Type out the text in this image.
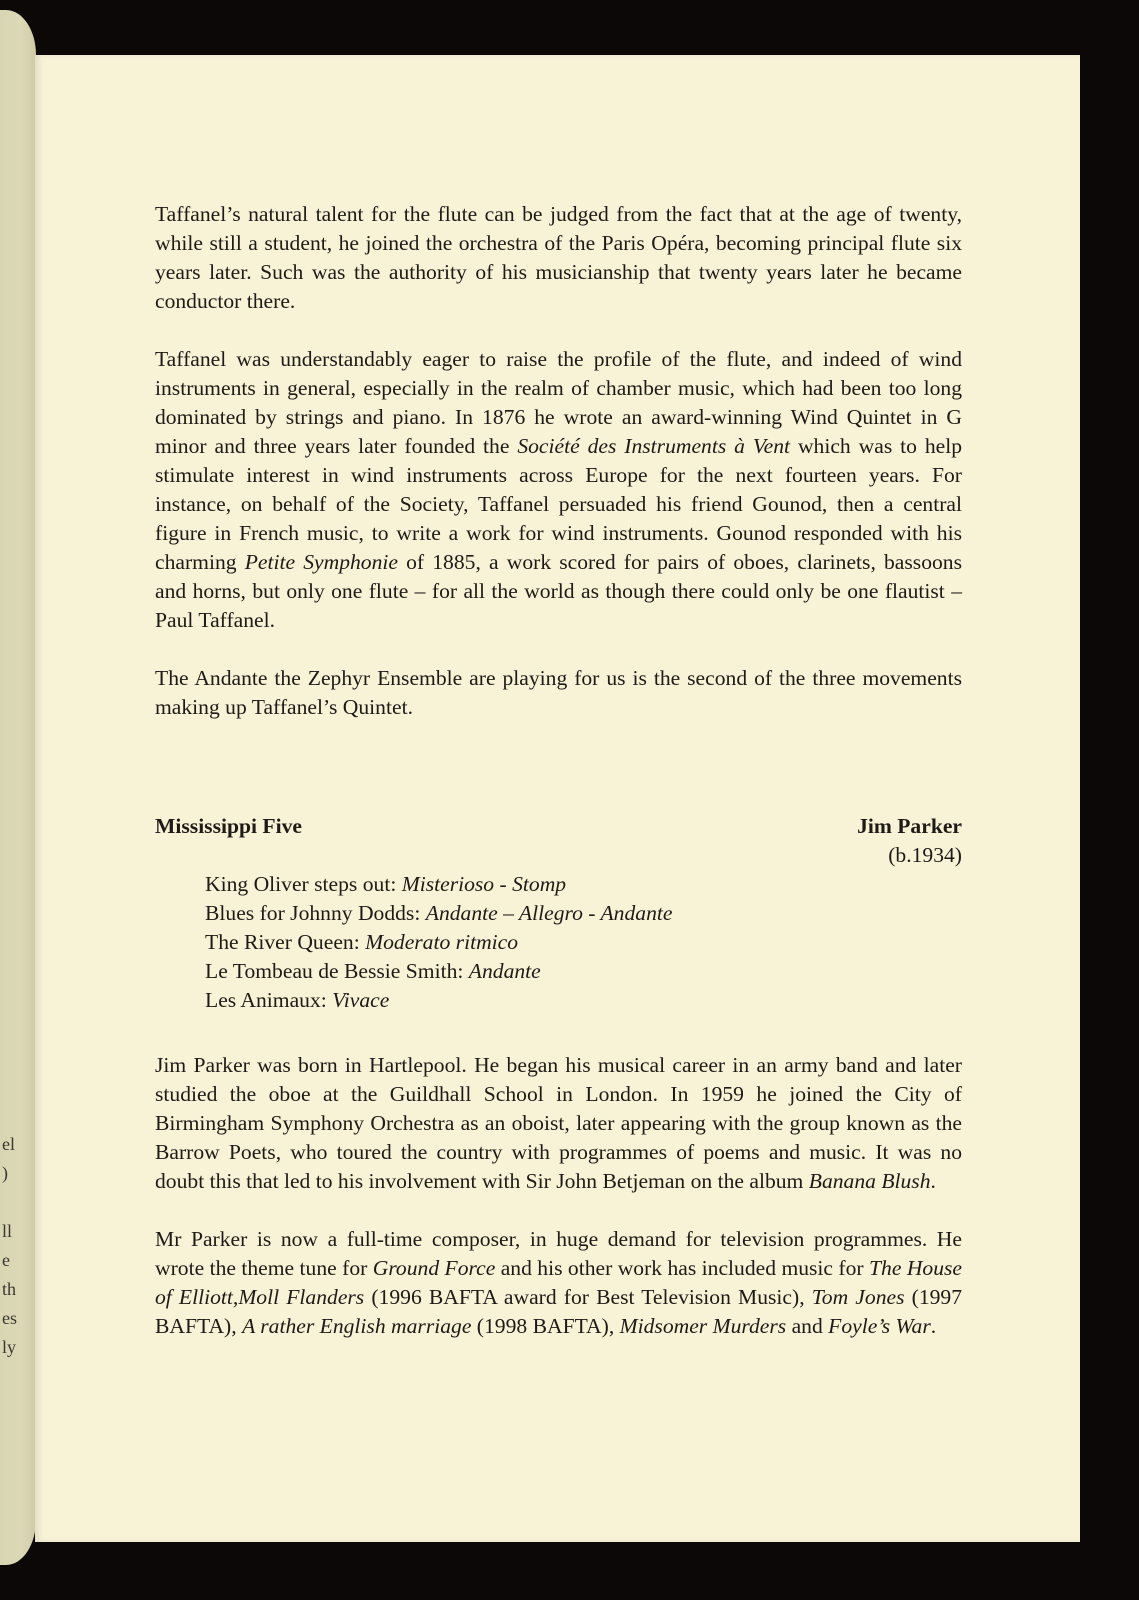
el
)
ll
e
th
es
ly

Taffanel’s natural talent for the flute can be judged from the fact that at the age of twenty, while still a student, he joined the orchestra of the Paris Opéra, becoming principal flute six years later. Such was the authority of his musicianship that twenty years later he became conductor there.

Taffanel was understandably eager to raise the profile of the flute, and indeed of wind instruments in general, especially in the realm of chamber music, which had been too long dominated by strings and piano. In 1876 he wrote an award-winning Wind Quintet in G minor and three years later founded the Société des Instruments à Vent which was to help stimulate interest in wind instruments across Europe for the next fourteen years. For instance, on behalf of the Society, Taffanel persuaded his friend Gounod, then a central figure in French music, to write a work for wind instruments. Gounod responded with his charming Petite Symphonie of 1885, a work scored for pairs of oboes, clarinets, bassoons and horns, but only one flute – for all the world as though there could only be one flautist – Paul Taffanel.

The Andante the Zephyr Ensemble are playing for us is the second of the three movements making up Taffanel’s Quintet.

Mississippi Five	Jim Parker
(b.1934)
King Oliver steps out: Misterioso - Stomp
Blues for Johnny Dodds: Andante – Allegro - Andante
The River Queen: Moderato ritmico
Le Tombeau de Bessie Smith: Andante
Les Animaux: Vivace

Jim Parker was born in Hartlepool. He began his musical career in an army band and later studied the oboe at the Guildhall School in London. In 1959 he joined the City of Birmingham Symphony Orchestra as an oboist, later appearing with the group known as the Barrow Poets, who toured the country with programmes of poems and music. It was no doubt this that led to his involvement with Sir John Betjeman on the album Banana Blush.

Mr Parker is now a full-time composer, in huge demand for television programmes. He wrote the theme tune for Ground Force and his other work has included music for The House of Elliott,Moll Flanders (1996 BAFTA award for Best Television Music), Tom Jones (1997 BAFTA), A rather English marriage (1998 BAFTA), Midsomer Murders and Foyle’s War.
